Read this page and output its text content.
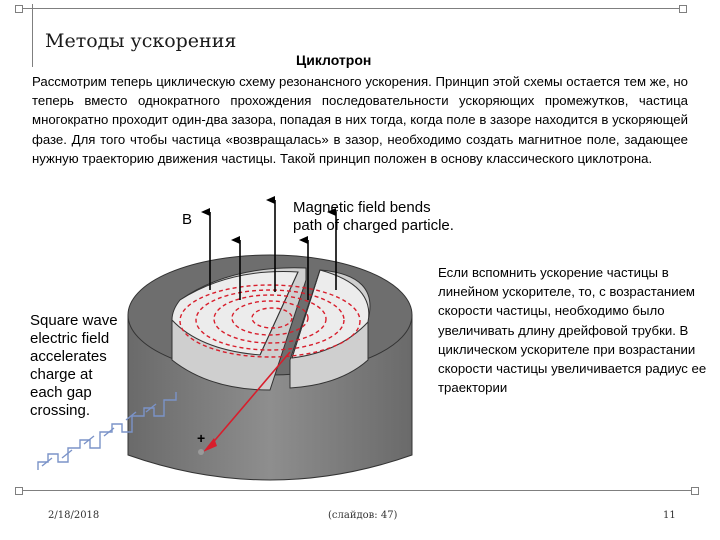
Методы ускорения
Циклотрон
Рассмотрим теперь циклическую схему резонансного ускорения. Принцип этой схемы остается тем же, но теперь вместо однократного прохождения последовательности ускоряющих промежутков, частица многократно проходит один-два зазора, попадая в них тогда, когда поле в зазоре находится в ускоряющей фазе. Для того чтобы частица «возвращалась» в зазор, необходимо создать магнитное поле, задающее нужную траекторию движения частицы. Такой принцип положен в основу классического циклотрона.
B
Magnetic field bends
path of charged particle.
Square wave
electric field
accelerates
charge at
each gap
crossing.
+
Если вспомнить ускорение частицы в линейном ускорителе, то, с возрастанием скорости частицы, необходимо было увеличивать длину дрейфовой трубки. В циклическом ускорителе при возрастании скорости частицы увеличивается радиус ее траектории
2/18/2018	(слайдов: 47)	11
